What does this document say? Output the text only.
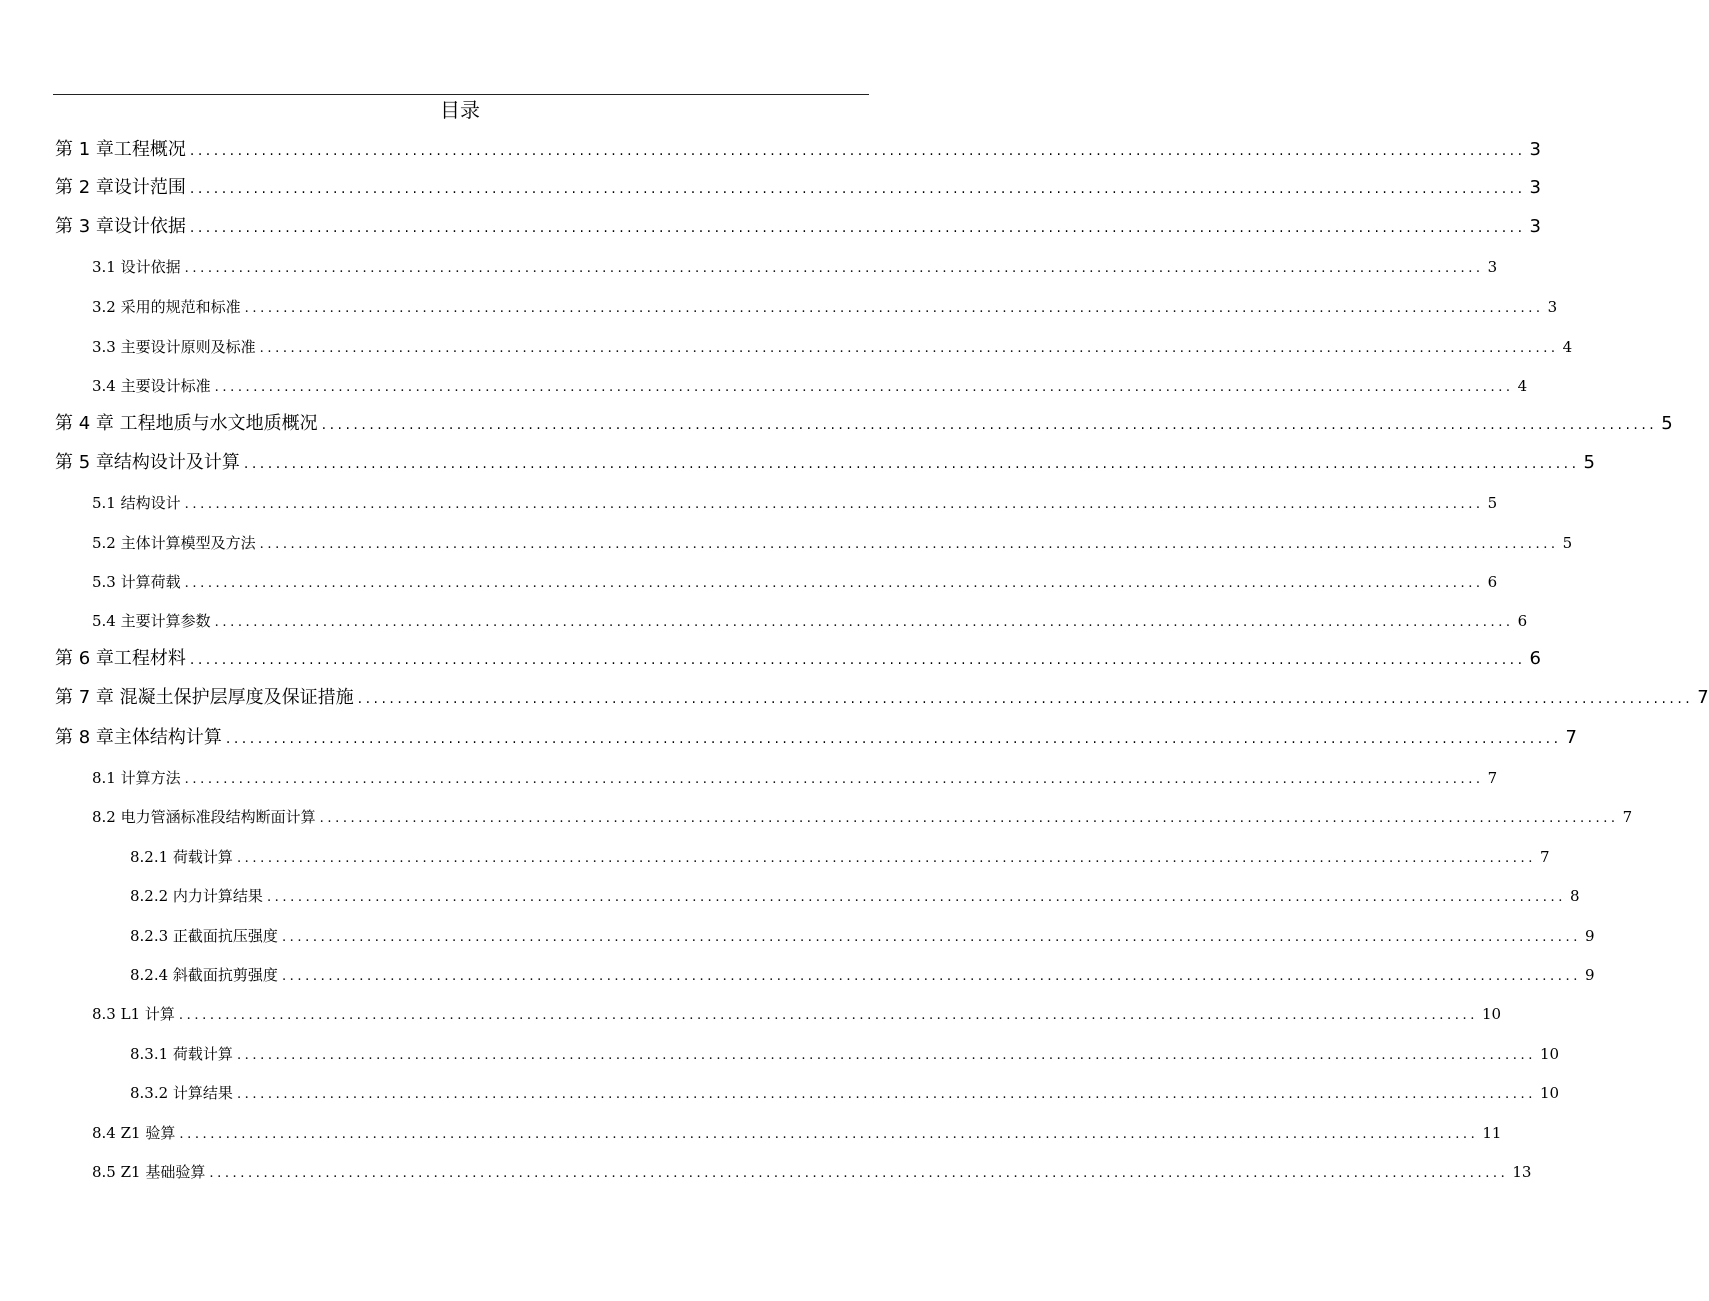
目录
第 1 章工程概况 ........................................................................................................................................................................ 3
第 2 章设计范围 ........................................................................................................................................................................ 3
第 3 章设计依据 ........................................................................................................................................................................ 3
3.1 设计依据 ........................................................................................................................................................................ 3
3.2 采用的规范和标准 ........................................................................................................................................................................ 3
3.3 主要设计原则及标准 ........................................................................................................................................................................ 4
3.4 主要设计标准 ........................................................................................................................................................................ 4
第 4 章 工程地质与水文地质概况 ........................................................................................................................................................................ 5
第 5 章结构设计及计算 ........................................................................................................................................................................ 5
5.1 结构设计 ........................................................................................................................................................................ 5
5.2 主体计算模型及方法 ........................................................................................................................................................................ 5
5.3 计算荷载 ........................................................................................................................................................................ 6
5.4 主要计算参数 ........................................................................................................................................................................ 6
第 6 章工程材料 ........................................................................................................................................................................ 6
第 7 章 混凝土保护层厚度及保证措施 ........................................................................................................................................................................ 7
第 8 章主体结构计算 ........................................................................................................................................................................ 7
8.1 计算方法 ........................................................................................................................................................................ 7
8.2 电力管涵标准段结构断面计算 ........................................................................................................................................................................ 7
8.2.1 荷载计算 ........................................................................................................................................................................ 7
8.2.2 内力计算结果 ........................................................................................................................................................................ 8
8.2.3 正截面抗压强度 ........................................................................................................................................................................ 9
8.2.4 斜截面抗剪强度 ........................................................................................................................................................................ 9
8.3 L1 计算 ........................................................................................................................................................................ 10
8.3.1 荷载计算 ........................................................................................................................................................................ 10
8.3.2 计算结果 ........................................................................................................................................................................ 10
8.4 Z1 验算 ........................................................................................................................................................................ 11
8.5 Z1 基础验算 ........................................................................................................................................................................ 13
